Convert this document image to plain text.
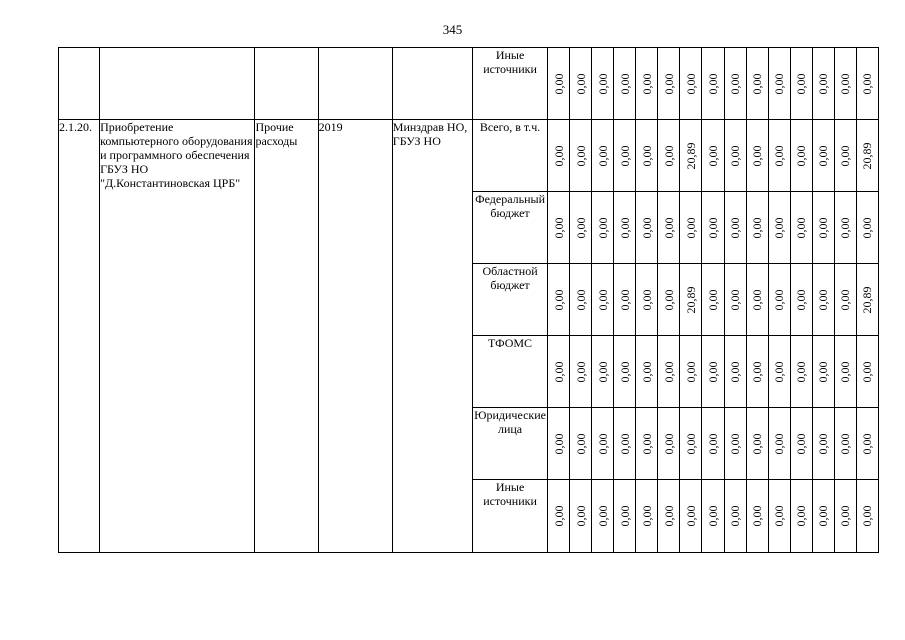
345
					Иные источники	0,00	0,00	0,00	0,00	0,00	0,00	0,00	0,00	0,00	0,00	0,00	0,00	0,00	0,00	0,00

2.1.20.	Приобретение компьютерного оборудования и программного обеспечения ГБУЗ НО "Д.Константиновская ЦРБ"	Прочие расходы	2019	Минздрав НО, ГБУЗ НО	Всего, в т.ч.	0,00	0,00	0,00	0,00	0,00	0,00	20,89	0,00	0,00	0,00	0,00	0,00	0,00	0,00	20,89

					Федеральный бюджет	0,00	0,00	0,00	0,00	0,00	0,00	0,00	0,00	0,00	0,00	0,00	0,00	0,00	0,00	0,00

					Областной бюджет	0,00	0,00	0,00	0,00	0,00	0,00	20,89	0,00	0,00	0,00	0,00	0,00	0,00	0,00	20,89

					ТФОМС	0,00	0,00	0,00	0,00	0,00	0,00	0,00	0,00	0,00	0,00	0,00	0,00	0,00	0,00	0,00

					Юридические лица	0,00	0,00	0,00	0,00	0,00	0,00	0,00	0,00	0,00	0,00	0,00	0,00	0,00	0,00	0,00

					Иные источники	0,00	0,00	0,00	0,00	0,00	0,00	0,00	0,00	0,00	0,00	0,00	0,00	0,00	0,00	0,00
